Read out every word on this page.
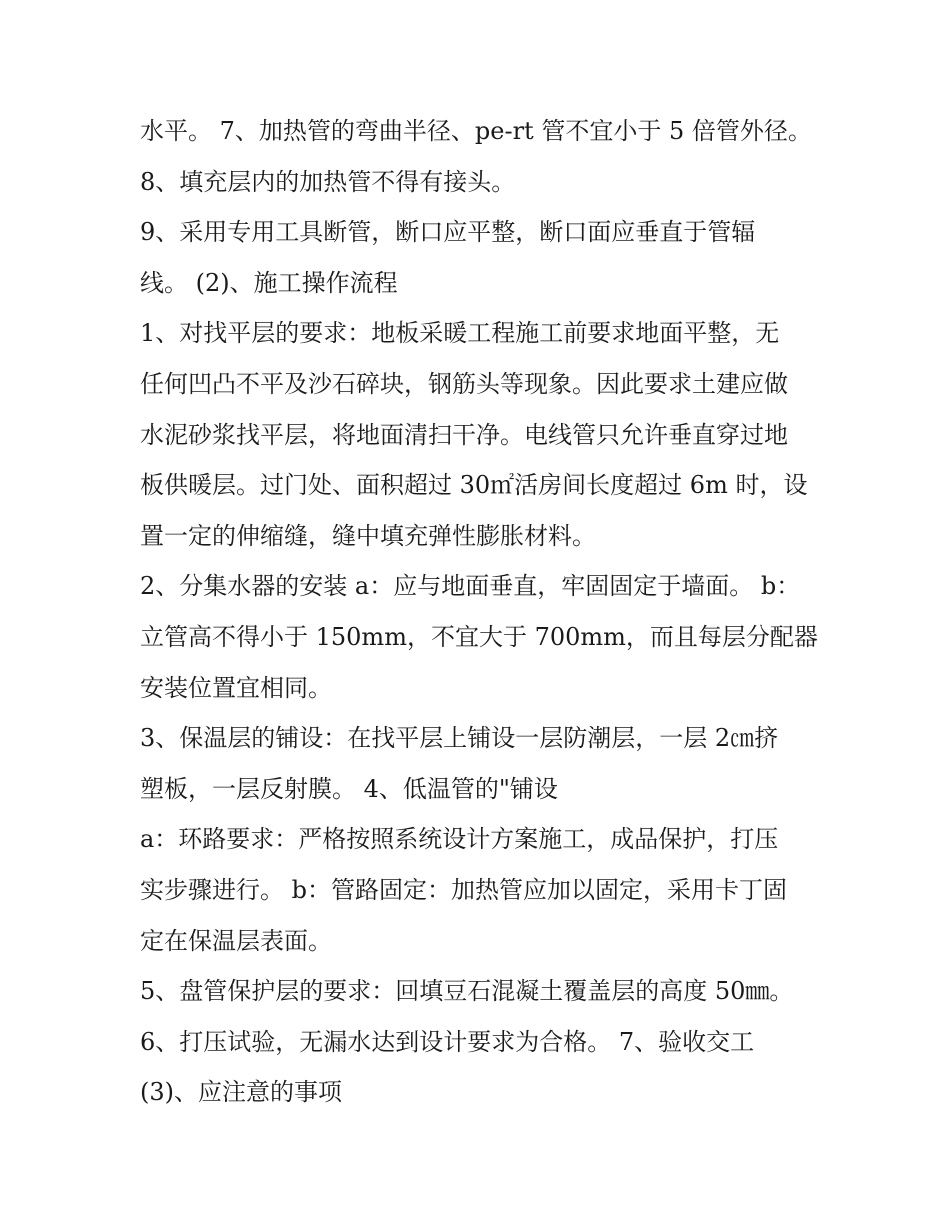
水平。 7、加热管的弯曲半径、pe-rt 管不宜小于 5 倍管外径。
8、填充层内的加热管不得有接头。
9、采用专用工具断管，断口应平整，断口面应垂直于管辐
线。 (2)、施工操作流程
1、对找平层的要求：地板采暖工程施工前要求地面平整，无
任何凹凸不平及沙石碎块，钢筋头等现象。因此要求土建应做
水泥砂浆找平层，将地面清扫干净。电线管只允许垂直穿过地
板供暖层。过门处、面积超过 30㎡活房间长度超过 6m 时，设
置一定的伸缩缝，缝中填充弹性膨胀材料。
2、分集水器的安装 a：应与地面垂直，牢固固定于墙面。 b：
立管高不得小于 150mm，不宜大于 700mm，而且每层分配器
安装位置宜相同。
3、保温层的铺设：在找平层上铺设一层防潮层，一层 2㎝挤
塑板，一层反射膜。 4、低温管的"铺设
a：环路要求：严格按照系统设计方案施工，成品保护，打压
实步骤进行。 b：管路固定：加热管应加以固定，采用卡丁固
定在保温层表面。
5、盘管保护层的要求：回填豆石混凝土覆盖层的高度 50㎜。
6、打压试验，无漏水达到设计要求为合格。 7、验收交工
(3)、应注意的事项
